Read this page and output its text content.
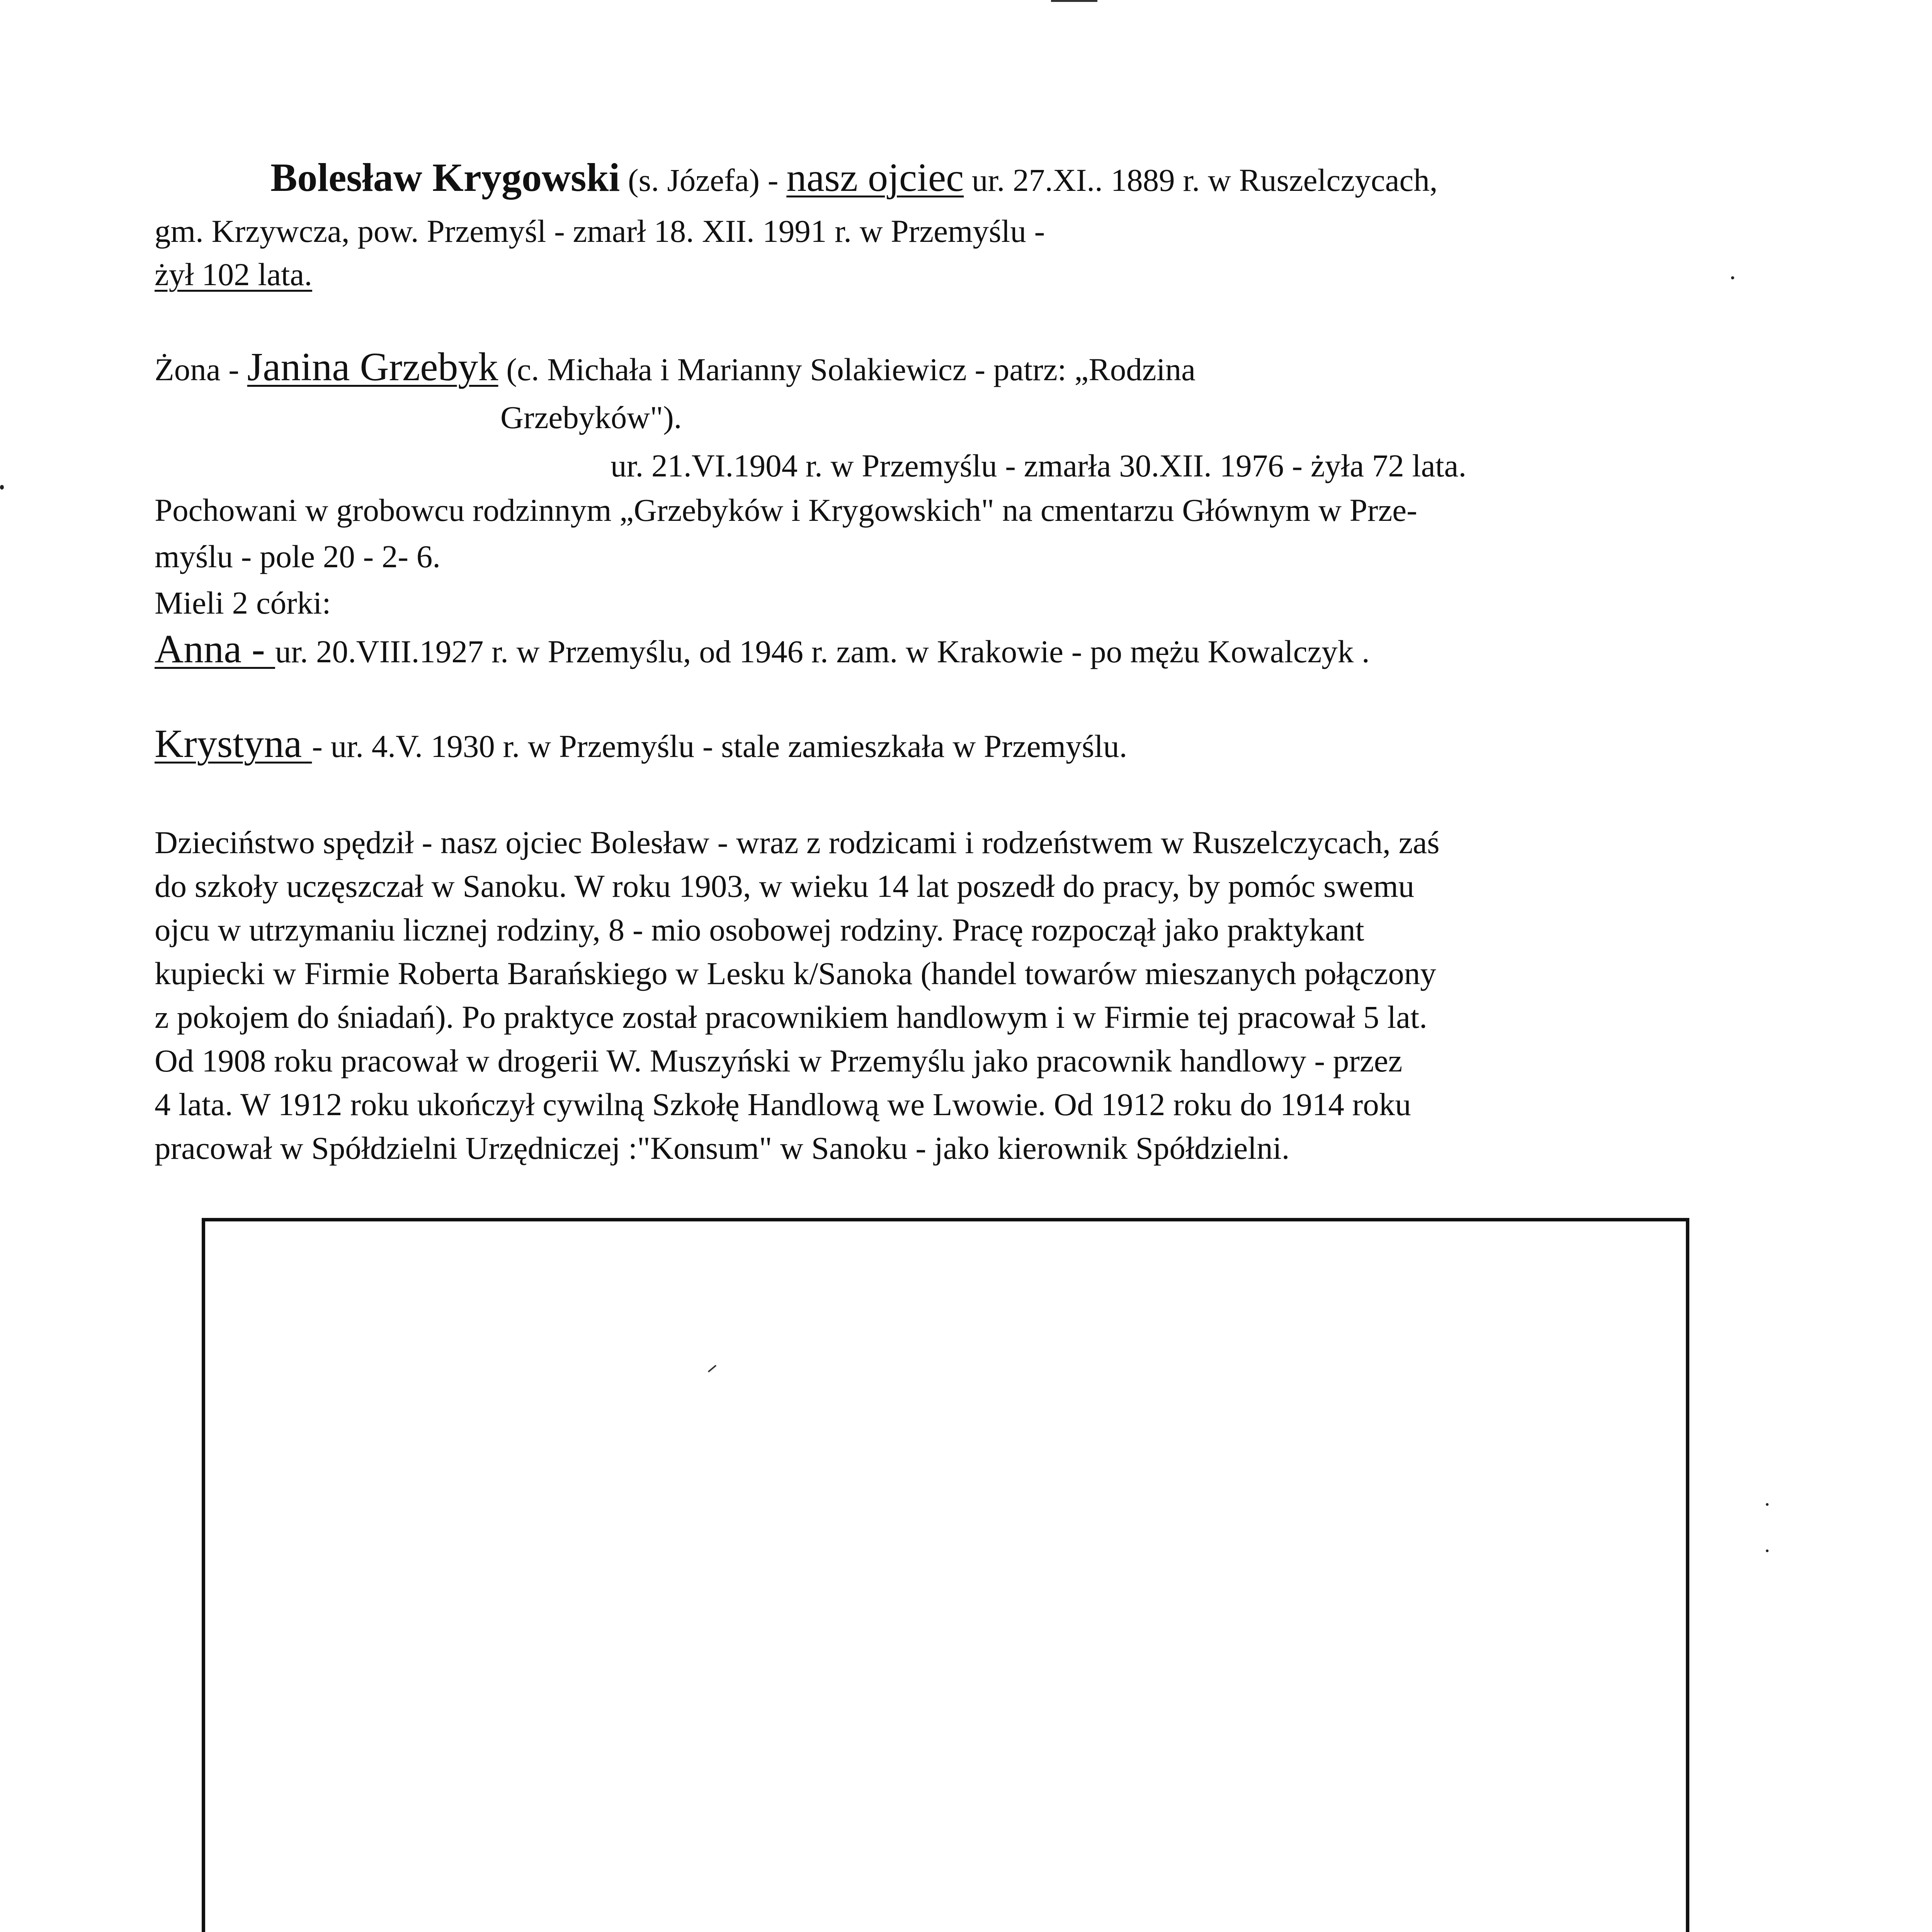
Bolesław Krygowski (s. Józefa) - nasz ojciec ur. 27.XI.. 1889 r. w Ruszelczycach,
gm. Krzywcza, pow. Przemyśl - zmarł 18. XII. 1991 r. w Przemyślu -
żył 102 lata.
Żona - Janina Grzebyk (c. Michała i Marianny Solakiewicz - patrz: „Rodzina
Grzebyków").
ur. 21.VI.1904 r. w Przemyślu - zmarła 30.XII. 1976 - żyła 72 lata.
Pochowani w grobowcu rodzinnym „Grzebyków i Krygowskich" na cmentarzu Głównym w Prze-
myślu - pole 20 - 2- 6.
Mieli 2 córki:
Anna - ur. 20.VIII.1927 r. w Przemyślu, od 1946 r. zam. w Krakowie - po mężu Kowalczyk .
Krystyna - ur. 4.V. 1930 r. w Przemyślu - stale zamieszkała w Przemyślu.
Dzieciństwo spędził - nasz ojciec Bolesław - wraz z rodzicami i rodzeństwem w Ruszelczycach, zaś
do szkoły uczęszczał w Sanoku. W roku 1903, w wieku 14 lat poszedł do pracy, by pomóc swemu
ojcu w utrzymaniu licznej rodziny, 8 - mio osobowej rodziny. Pracę rozpoczął jako praktykant
kupiecki w Firmie Roberta Barańskiego w Lesku k/Sanoka (handel towarów mieszanych połączony
z pokojem do śniadań). Po praktyce został pracownikiem handlowym i w Firmie tej pracował 5 lat.
Od 1908 roku pracował w drogerii W. Muszyński w Przemyślu jako pracownik handlowy - przez
4 lata. W 1912 roku ukończył cywilną Szkołę Handlową we Lwowie. Od 1912 roku do 1914 roku
pracował w Spółdzielni Urzędniczej :"Konsum" w Sanoku - jako kierownik Spółdzielni.
